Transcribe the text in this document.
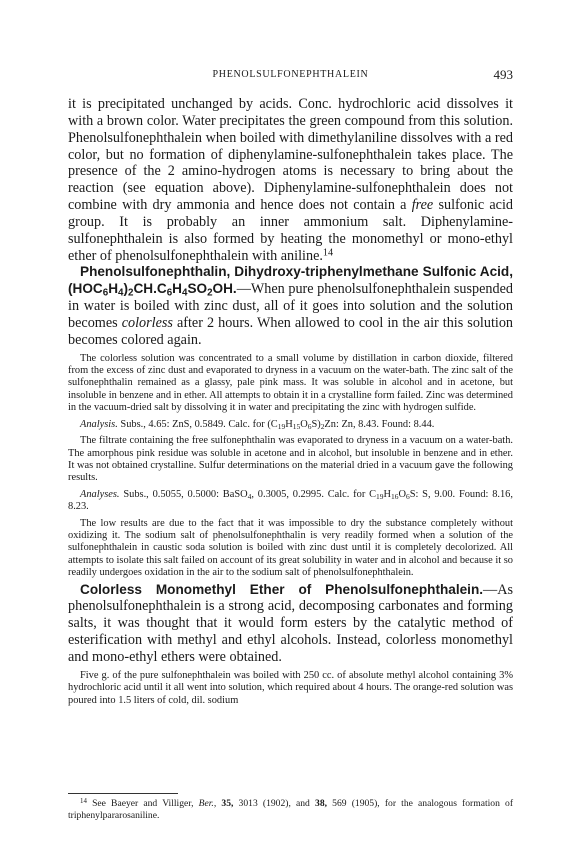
PHENOLSULFONEPHTHALEIN	493

it is precipitated unchanged by acids. Conc. hydrochloric acid dissolves it with a brown color. Water precipitates the green compound from this solution. Phenolsulfonephthalein when boiled with dimethylaniline dissolves with a red color, but no formation of diphenylamine-sulfonephthalein takes place. The presence of the 2 amino-hydrogen atoms is necessary to bring about the reaction (see equation above). Diphenylamine-sulfonephthalein does not combine with dry ammonia and hence does not contain a free sulfonic acid group. It is probably an inner ammonium salt. Diphenylamine-sulfonephthalein is also formed by heating the monomethyl or mono-ethyl ether of phenolsulfonephthalein with aniline.$^{14}$

Phenolsulfonephthalin, Dihydroxy-triphenylmethane Sulfonic Acid, $(HOC_6H_4)_2CH.C_6H_4SO_2OH.—When$ pure phenolsulfonephthalein suspended in water is boiled with zinc dust, all of it goes into solution and the solution becomes colorless after 2 hours. When allowed to cool in the air this solution becomes colored again.

The colorless solution was concentrated to a small volume by distillation in carbon dioxide, filtered from the excess of zinc dust and evaporated to dryness in a vacuum on the water-bath. The zinc salt of the sulfonephthalin remained as a glassy, pale pink mass. It was soluble in alcohol and in acetone, but insoluble in benzene and in ether. All attempts to obtain it in a crystalline form failed. Zinc was determined in the vacuum-dried salt by dissolving it in water and precipitating the zinc with hydrogen sulfide.

Analysis. Subs., 4.65: ZnS, 0.5849. Calc. for $(C_{19}H_{15}O_6S)_2Zn$: Zn, 8.43. Found: 8.44.

The filtrate containing the free sulfonephthalin was evaporated to dryness in a vacuum on a water-bath. The amorphous pink residue was soluble in acetone and in alcohol, but insoluble in benzene and in ether. It was not obtained crystalline. Sulfur determinations on the material dried in a vacuum gave the following results.

Analyses. Subs., 0.5055, 0.5000: BaSO$_4$, 0.3005, 0.2995. Calc. for $C_{19}H_{16}O_6S$: S, 9.00. Found: 8.16, 8.23.

The low results are due to the fact that it was impossible to dry the substance completely without oxidizing it. The sodium salt of phenolsulfonephthalin is very readily formed when a solution of the sulfonephthalein in caustic soda solution is boiled with zinc dust until it is completely decolorized. All attempts to isolate this salt failed on account of its great solubility in water and in alcohol and because it so readily undergoes oxidation in the air to the sodium salt of phenolsulfonephthalein.

Colorless Monomethyl Ether of Phenolsulfonephthalein.—As phenolsulfonephthalein is a strong acid, decomposing carbonates and forming salts, it was thought that it would form esters by the catalytic method of esterification with methyl and ethyl alcohols. Instead, colorless monomethyl and mono-ethyl ethers were obtained.

Five g. of the pure sulfonephthalein was boiled with 250 cc. of absolute methyl alcohol containing 3% hydrochloric acid until it all went into solution, which required about 4 hours. The orange-red solution was poured into 1.5 liters of cold, dil. sodium

$^{14}$ See Baeyer and Villiger, Ber., 35, 3013 (1902), and 38, 569 (1905), for the analogous formation of triphenylpararosaniline.
